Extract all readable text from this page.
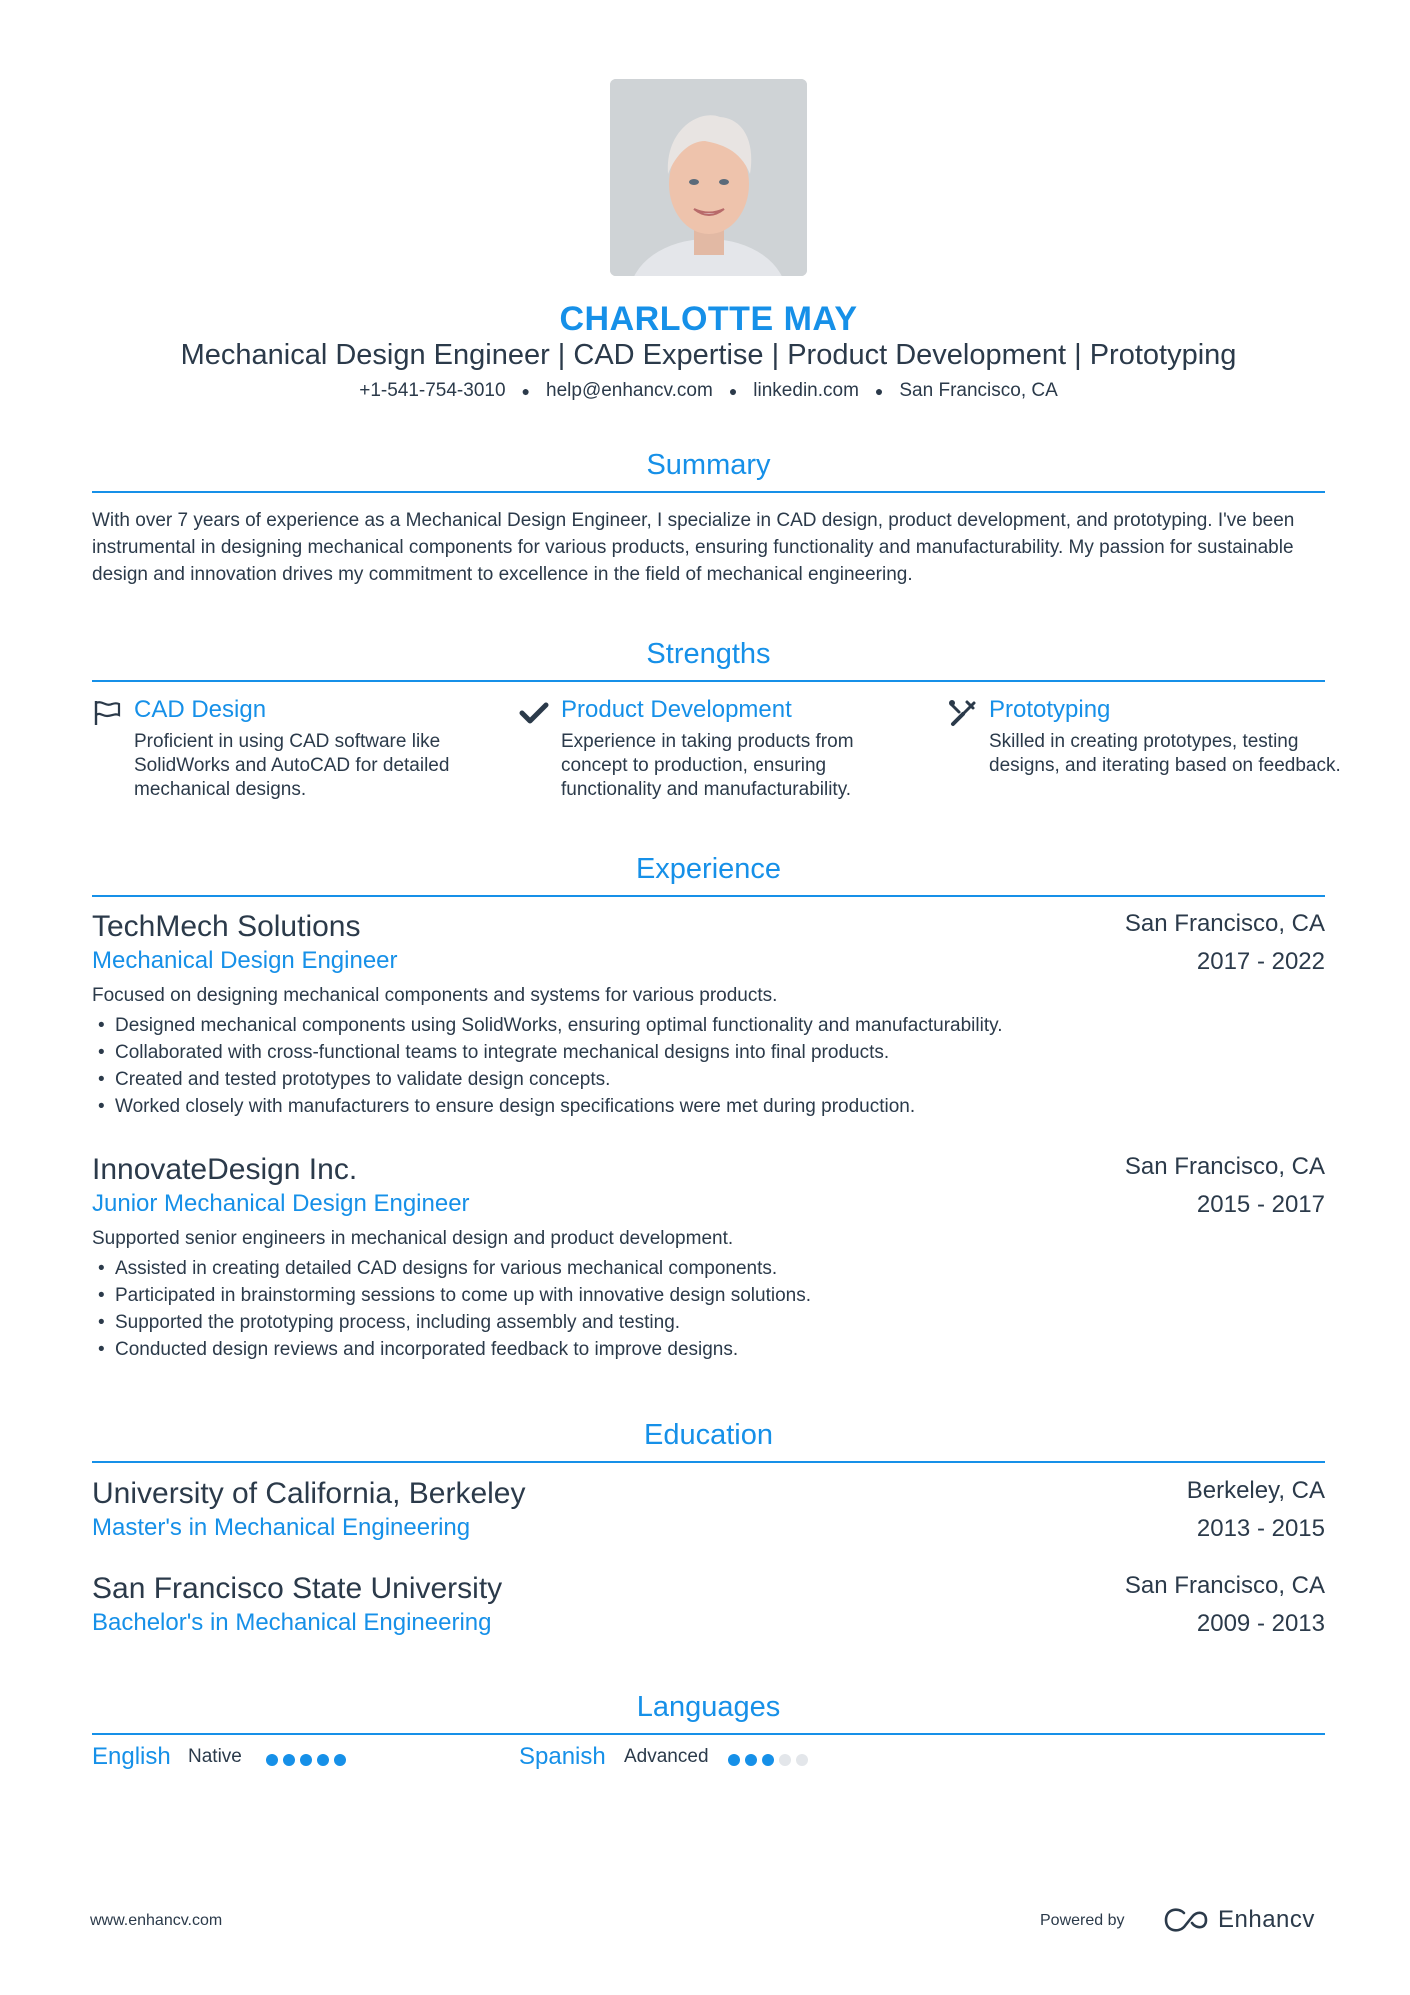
CHARLOTTE MAY
Mechanical Design Engineer | CAD Expertise | Product Development | Prototyping
+1-541-754-3010 ● help@enhancv.com ● linkedin.com ● San Francisco, CA
Summary
With over 7 years of experience as a Mechanical Design Engineer, I specialize in CAD design, product development, and prototyping. I've been instrumental in designing mechanical components for various products, ensuring functionality and manufacturability. My passion for sustainable design and innovation drives my commitment to excellence in the field of mechanical engineering.
Strengths
CAD Design
Proficient in using CAD software like SolidWorks and AutoCAD for detailed mechanical designs.
Product Development
Experience in taking products from concept to production, ensuring functionality and manufacturability.
Prototyping
Skilled in creating prototypes, testing designs, and iterating based on feedback.
Experience
TechMech Solutions
Mechanical Design Engineer
San Francisco, CA
2017 - 2022
Focused on designing mechanical components and systems for various products.
• Designed mechanical components using SolidWorks, ensuring optimal functionality and manufacturability.
• Collaborated with cross-functional teams to integrate mechanical designs into final products.
• Created and tested prototypes to validate design concepts.
• Worked closely with manufacturers to ensure design specifications were met during production.
InnovateDesign Inc.
Junior Mechanical Design Engineer
San Francisco, CA
2015 - 2017
Supported senior engineers in mechanical design and product development.
• Assisted in creating detailed CAD designs for various mechanical components.
• Participated in brainstorming sessions to come up with innovative design solutions.
• Supported the prototyping process, including assembly and testing.
• Conducted design reviews and incorporated feedback to improve designs.
Education
University of California, Berkeley
Master's in Mechanical Engineering
Berkeley, CA
2013 - 2015
San Francisco State University
Bachelor's in Mechanical Engineering
San Francisco, CA
2009 - 2013
Languages
English Native	Spanish Advanced
www.enhancv.com	Powered by	Enhancv
